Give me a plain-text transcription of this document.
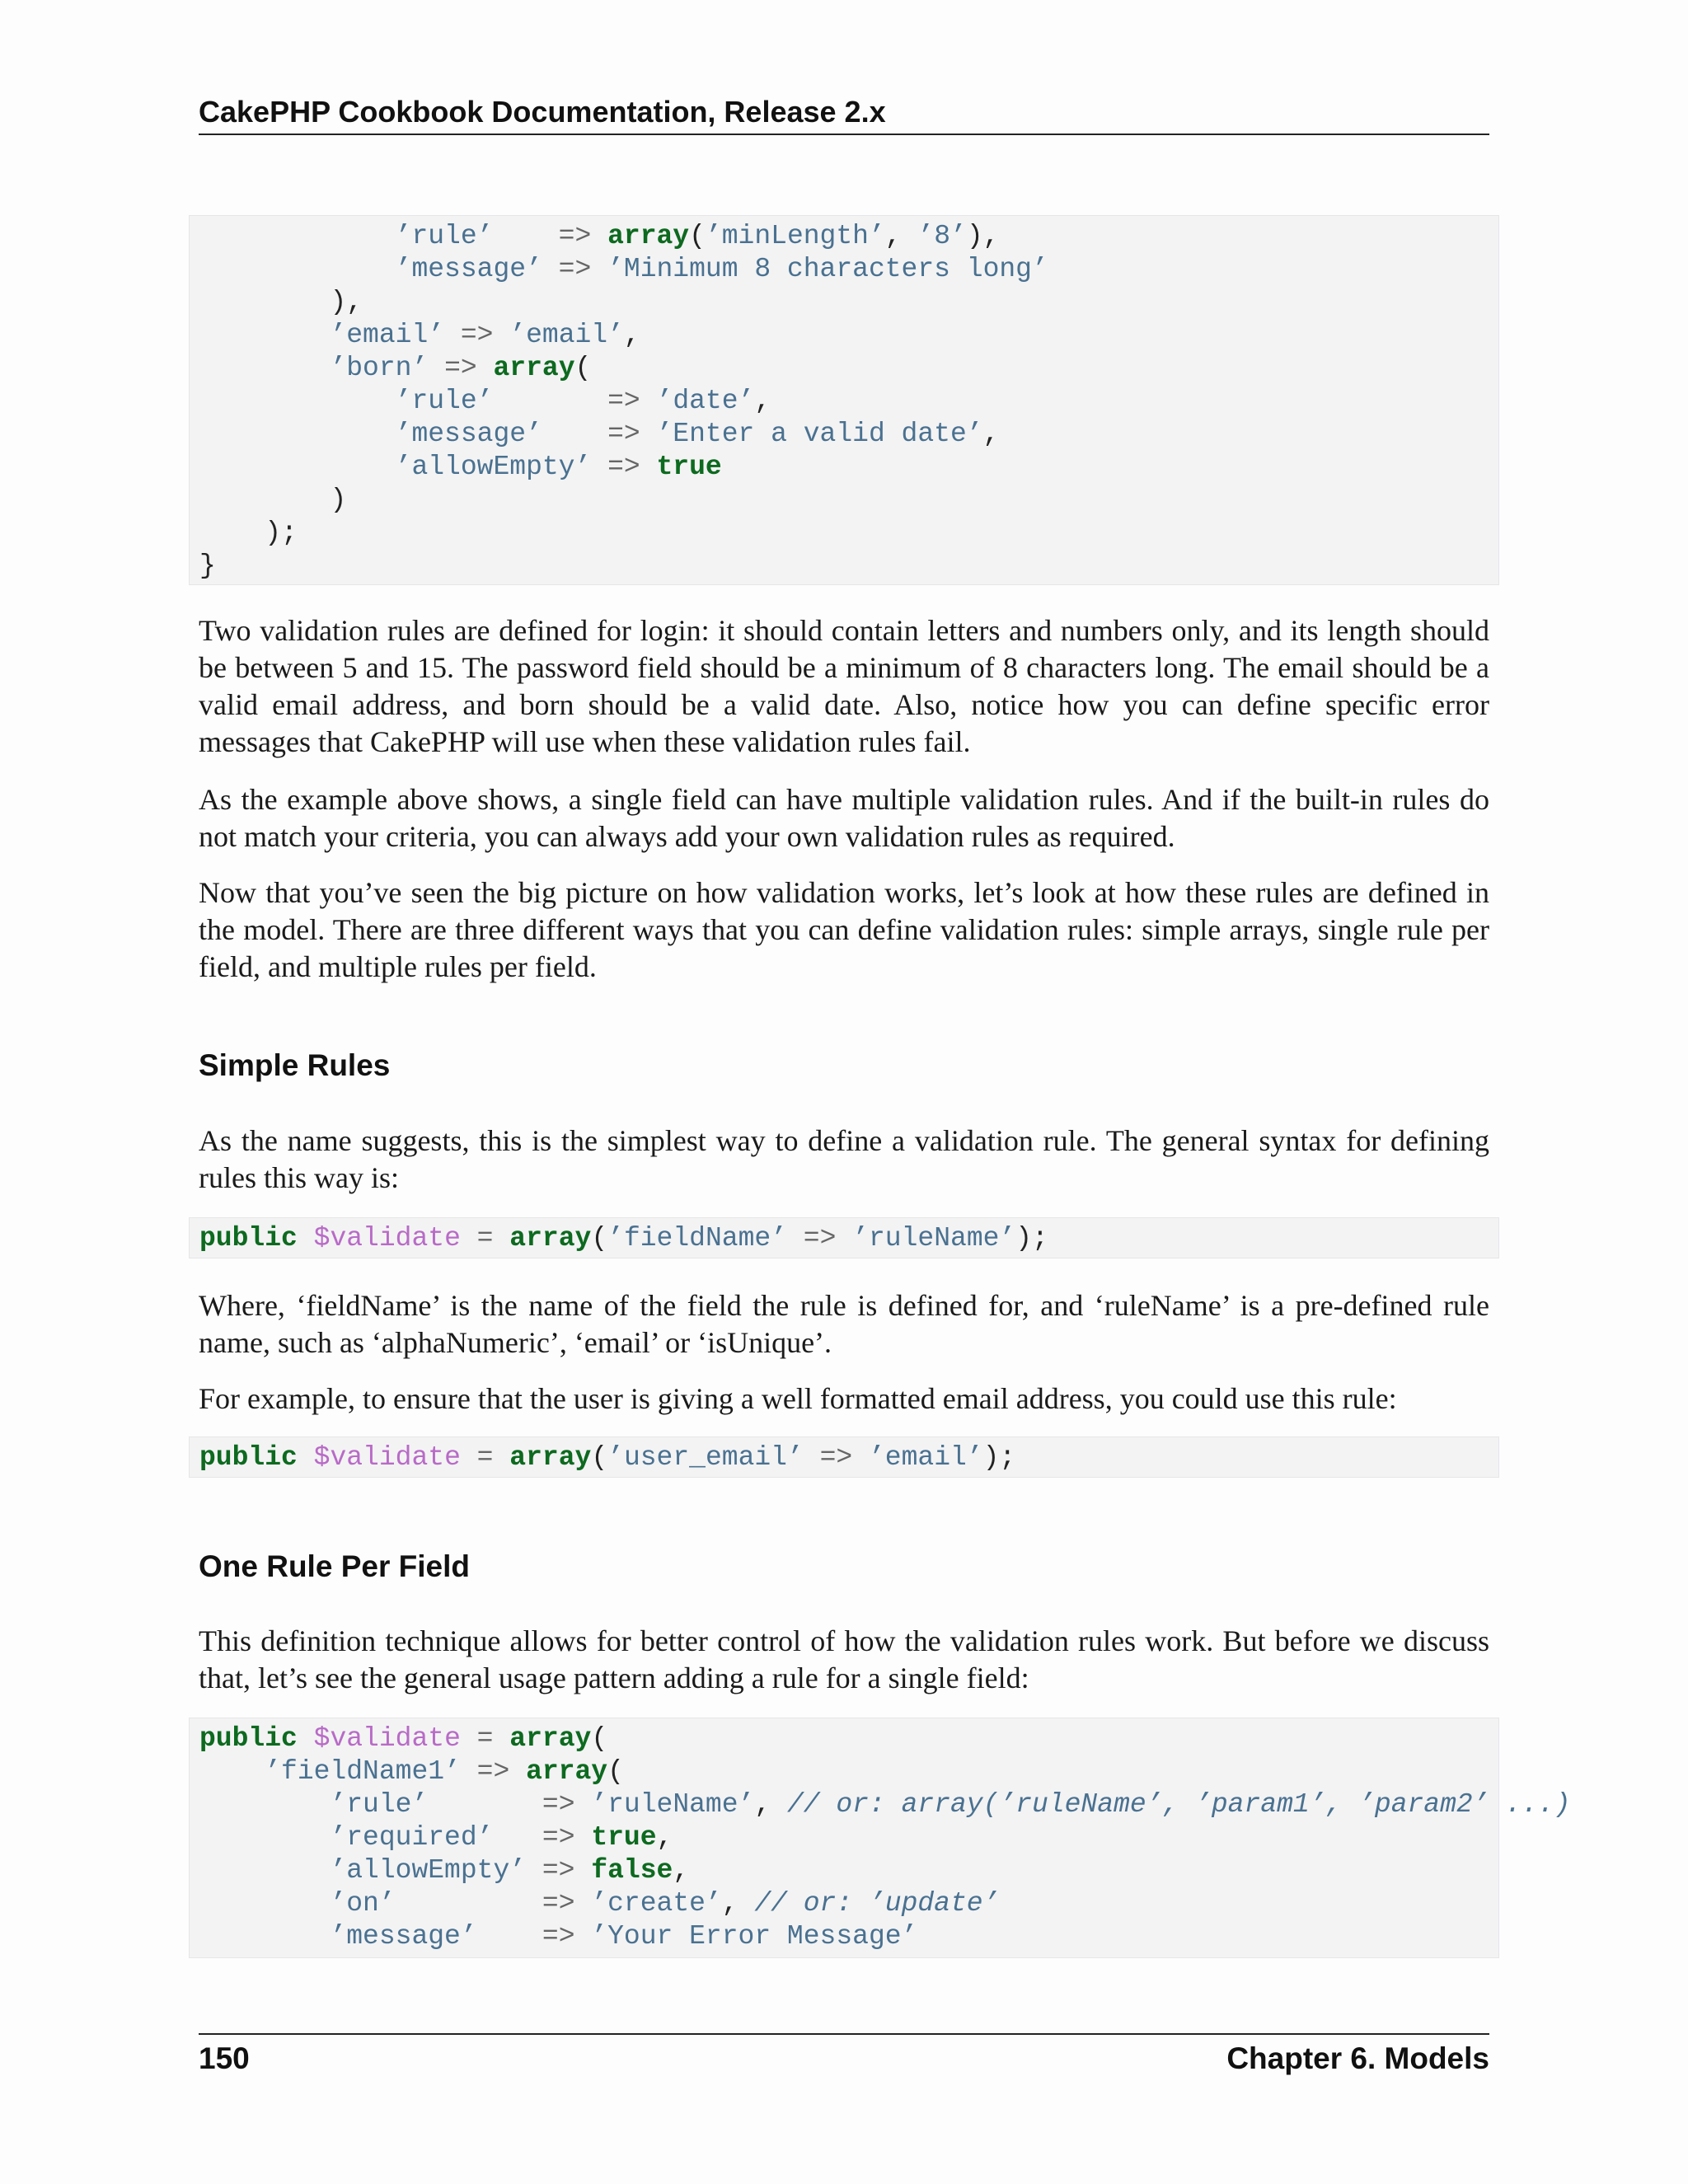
CakePHP Cookbook Documentation, Release 2.x
’rule’    => array(’minLength’, ’8’),
’message’ => ’Minimum 8 characters long’
),
’email’ => ’email’,
’born’ => array(
’rule’       => ’date’,
’message’    => ’Enter a valid date’,
’allowEmpty’ => true
)
);
}

Two validation rules are defined for login: it should contain letters and numbers only, and its length should be between 5 and 15. The password field should be a minimum of 8 characters long. The email should be a valid email address, and born should be a valid date. Also, notice how you can define specific error messages that CakePHP will use when these validation rules fail.

As the example above shows, a single field can have multiple validation rules. And if the built-in rules do not match your criteria, you can always add your own validation rules as required.

Now that you’ve seen the big picture on how validation works, let’s look at how these rules are defined in the model. There are three different ways that you can define validation rules: simple arrays, single rule per field, and multiple rules per field.

Simple Rules

As the name suggests, this is the simplest way to define a validation rule. The general syntax for defining rules this way is:

public $validate = array(’fieldName’ => ’ruleName’);

Where, ‘fieldName’ is the name of the field the rule is defined for, and ‘ruleName’ is a pre-defined rule name, such as ‘alphaNumeric’, ‘email’ or ‘isUnique’.

For example, to ensure that the user is giving a well formatted email address, you could use this rule:

public $validate = array(’user_email’ => ’email’);
One Rule Per Field

This definition technique allows for better control of how the validation rules work. But before we discuss that, let’s see the general usage pattern adding a rule for a single field:

public $validate = array(
’fieldName1’ => array(
’rule’       => ’ruleName’, // or: array(’ruleName’, ’param1’, ’param2’ ...)
’required’   => true,
’allowEmpty’ => false,
’on’         => ’create’, // or: ’update’
’message’    => ’Your Error Message’
150	Chapter 6. Models
